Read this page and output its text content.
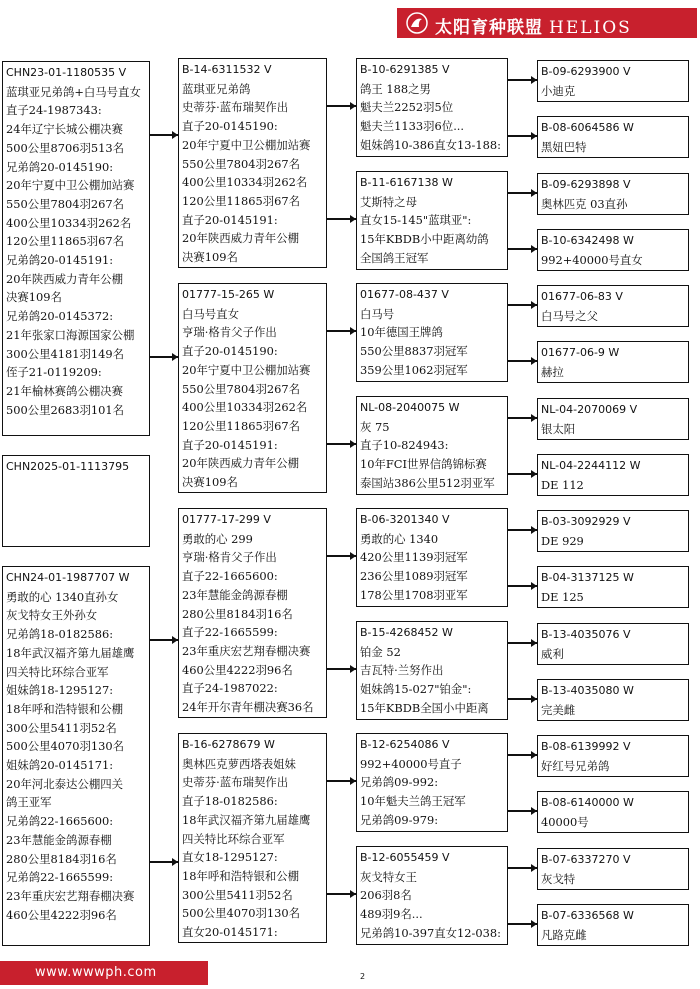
太阳育种联盟 HELIOS
CHN23-01-1180535 V
蓝琪亚兄弟鸽+白马号直女
直子24-1987343:
24年辽宁长城公棚决赛
500公里8706羽513名
兄弟鸽20-0145190:
20年宁夏中卫公棚加站赛
550公里7804羽267名
400公里10334羽262名
120公里11865羽67名
兄弟鸽20-0145191:
20年陕西威力青年公棚
决赛109名
兄弟鸽20-0145372:
21年张家口海源国家公棚
300公里4181羽149名
侄子21-0119209:
21年榆林赛鸽公棚决赛
500公里2683羽101名
CHN2025-01-1113795
CHN24-01-1987707 W
勇敢的心 1340直孙女
灰戈特女王外孙女
兄弟鸽18-0182586:
18年武汉福齐第九届雄鹰
四关特比环综合亚军
姐妹鸽18-1295127:
18年呼和浩特银和公棚
300公里5411羽52名
500公里4070羽130名
姐妹鸽20-0145171:
20年河北泰达公棚四关
鸽王亚军
兄弟鸽22-1665600:
23年慧能金鸽源春棚
280公里8184羽16名
兄弟鸽22-1665599:
23年重庆宏艺翔春棚决赛
460公里4222羽96名
B-14-6311532 V
蓝琪亚兄弟鸽
史蒂芬·蓝布瑞契作出
直子20-0145190:
20年宁夏中卫公棚加站赛
550公里7804羽267名
400公里10334羽262名
120公里11865羽67名
直子20-0145191:
20年陕西威力青年公棚
决赛109名
01777-15-265 W
白马号直女
亨瑞·格肯父子作出
直子20-0145190:
20年宁夏中卫公棚加站赛
550公里7804羽267名
400公里10334羽262名
120公里11865羽67名
直子20-0145191:
20年陕西威力青年公棚
决赛109名
01777-17-299 V
勇敢的心 299
亨瑞·格肯父子作出
直子22-1665600:
23年慧能金鸽源春棚
280公里8184羽16名
直子22-1665599:
23年重庆宏艺翔春棚决赛
460公里4222羽96名
直子24-1987022:
24年开尔青年棚决赛36名
B-16-6278679 W
奥林匹克萝西塔表姐妹
史蒂芬·蓝布瑞契作出
直子18-0182586:
18年武汉福齐第九届雄鹰
四关特比环综合亚军
直女18-1295127:
18年呼和浩特银和公棚
300公里5411羽52名
500公里4070羽130名
直女20-0145171:
B-10-6291385 V
鸽王 188之男
魁夫兰2252羽5位
魁夫兰1133羽6位...
姐妹鸽10-386直女13-188:
B-11-6167138 W
艾斯特之母
直女15-145"蓝琪亚":
15年KBDB小中距离幼鸽
全国鸽王冠军
01677-08-437 V
白马号
10年德国王牌鸽
550公里8837羽冠军
359公里1062羽冠军
NL-08-2040075 W
灰 75
直子10-824943:
10年FCI世界信鸽锦标赛
泰国站386公里512羽亚军
B-06-3201340 V
勇敢的心 1340
420公里1139羽冠军
236公里1089羽冠军
178公里1708羽亚军
B-15-4268452 W
铂金 52
吉瓦特·兰努作出
姐妹鸽15-027"铂金":
15年KBDB全国小中距离
B-12-6254086 V
992+40000号直子
兄弟鸽09-992:
10年魁夫兰鸽王冠军
兄弟鸽09-979:
B-12-6055459 V
灰戈特女王
206羽8名
489羽9名...
兄弟鸽10-397直女12-038:
B-09-6293900 V
小迪克
B-08-6064586 W
黑妞巴特
B-09-6293898 V
奥林匹克 03直孙
B-10-6342498 W
992+40000号直女
01677-06-83 V
白马号之父
01677-06-9 W
赫拉
NL-04-2070069 V
银太阳
NL-04-2244112 W
DE 112
B-03-3092929 V
DE 929
B-04-3137125 W
DE 125
B-13-4035076 V
威利
B-13-4035080 W
完美雌
B-08-6139992 V
好红号兄弟鸽
B-08-6140000 W
40000号
B-07-6337270 V
灰戈特
B-07-6336568 W
凡路克雌
www.wwwph.com	2
